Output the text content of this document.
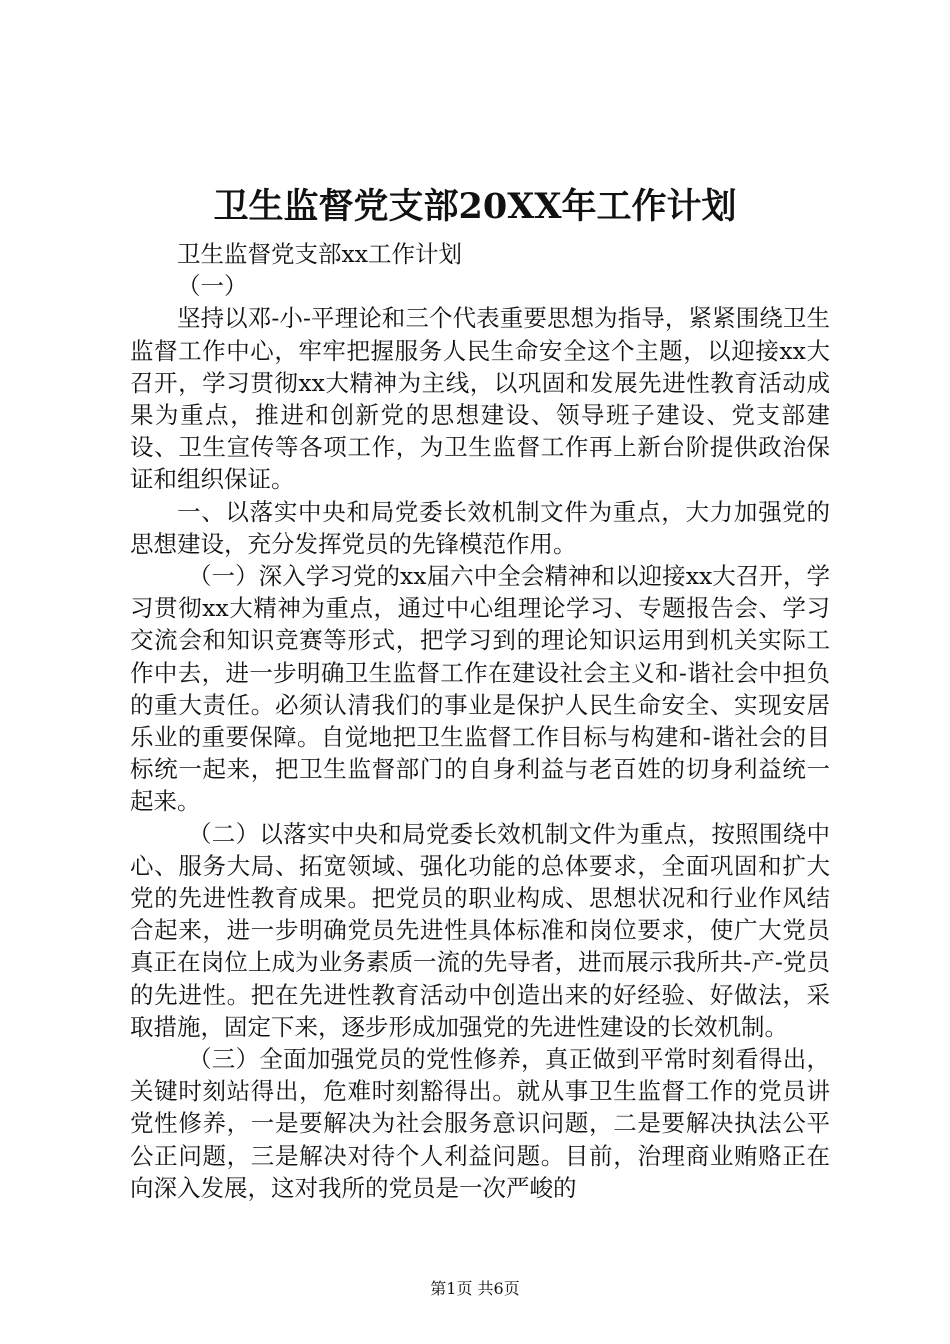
卫生监督党支部20XX年工作计划

卫生监督党支部xx工作计划

（一）

坚持以邓-小-平理论和三个代表重要思想为指导，紧紧围绕卫生监督工作中心，牢牢把握服务人民生命安全这个主题，以迎接xx大召开，学习贯彻xx大精神为主线，以巩固和发展先进性教育活动成果为重点，推进和创新党的思想建设、领导班子建设、党支部建设、卫生宣传等各项工作，为卫生监督工作再上新台阶提供政治保证和组织保证。

一、以落实中央和局党委长效机制文件为重点，大力加强党的思想建设，充分发挥党员的先锋模范作用。

（一）深入学习党的xx届六中全会精神和以迎接xx大召开，学习贯彻xx大精神为重点，通过中心组理论学习、专题报告会、学习交流会和知识竞赛等形式，把学习到的理论知识运用到机关实际工作中去，进一步明确卫生监督工作在建设社会主义和-谐社会中担负的重大责任。必须认清我们的事业是保护人民生命安全、实现安居乐业的重要保障。自觉地把卫生监督工作目标与构建和-谐社会的目标统一起来，把卫生监督部门的自身利益与老百姓的切身利益统一起来。

（二）以落实中央和局党委长效机制文件为重点，按照围绕中心、服务大局、拓宽领域、强化功能的总体要求，全面巩固和扩大党的先进性教育成果。把党员的职业构成、思想状况和行业作风结合起来，进一步明确党员先进性具体标准和岗位要求，使广大党员真正在岗位上成为业务素质一流的先导者，进而展示我所共-产-党员的先进性。把在先进性教育活动中创造出来的好经验、好做法，采取措施，固定下来，逐步形成加强党的先进性建设的长效机制。

（三）全面加强党员的党性修养，真正做到平常时刻看得出，关键时刻站得出，危难时刻豁得出。就从事卫生监督工作的党员讲党性修养，一是要解决为社会服务意识问题，二是要解决执法公平公正问题，三是解决对待个人利益问题。目前，治理商业贿赂正在向深入发展，这对我所的党员是一次严峻的

第1页 共6页
